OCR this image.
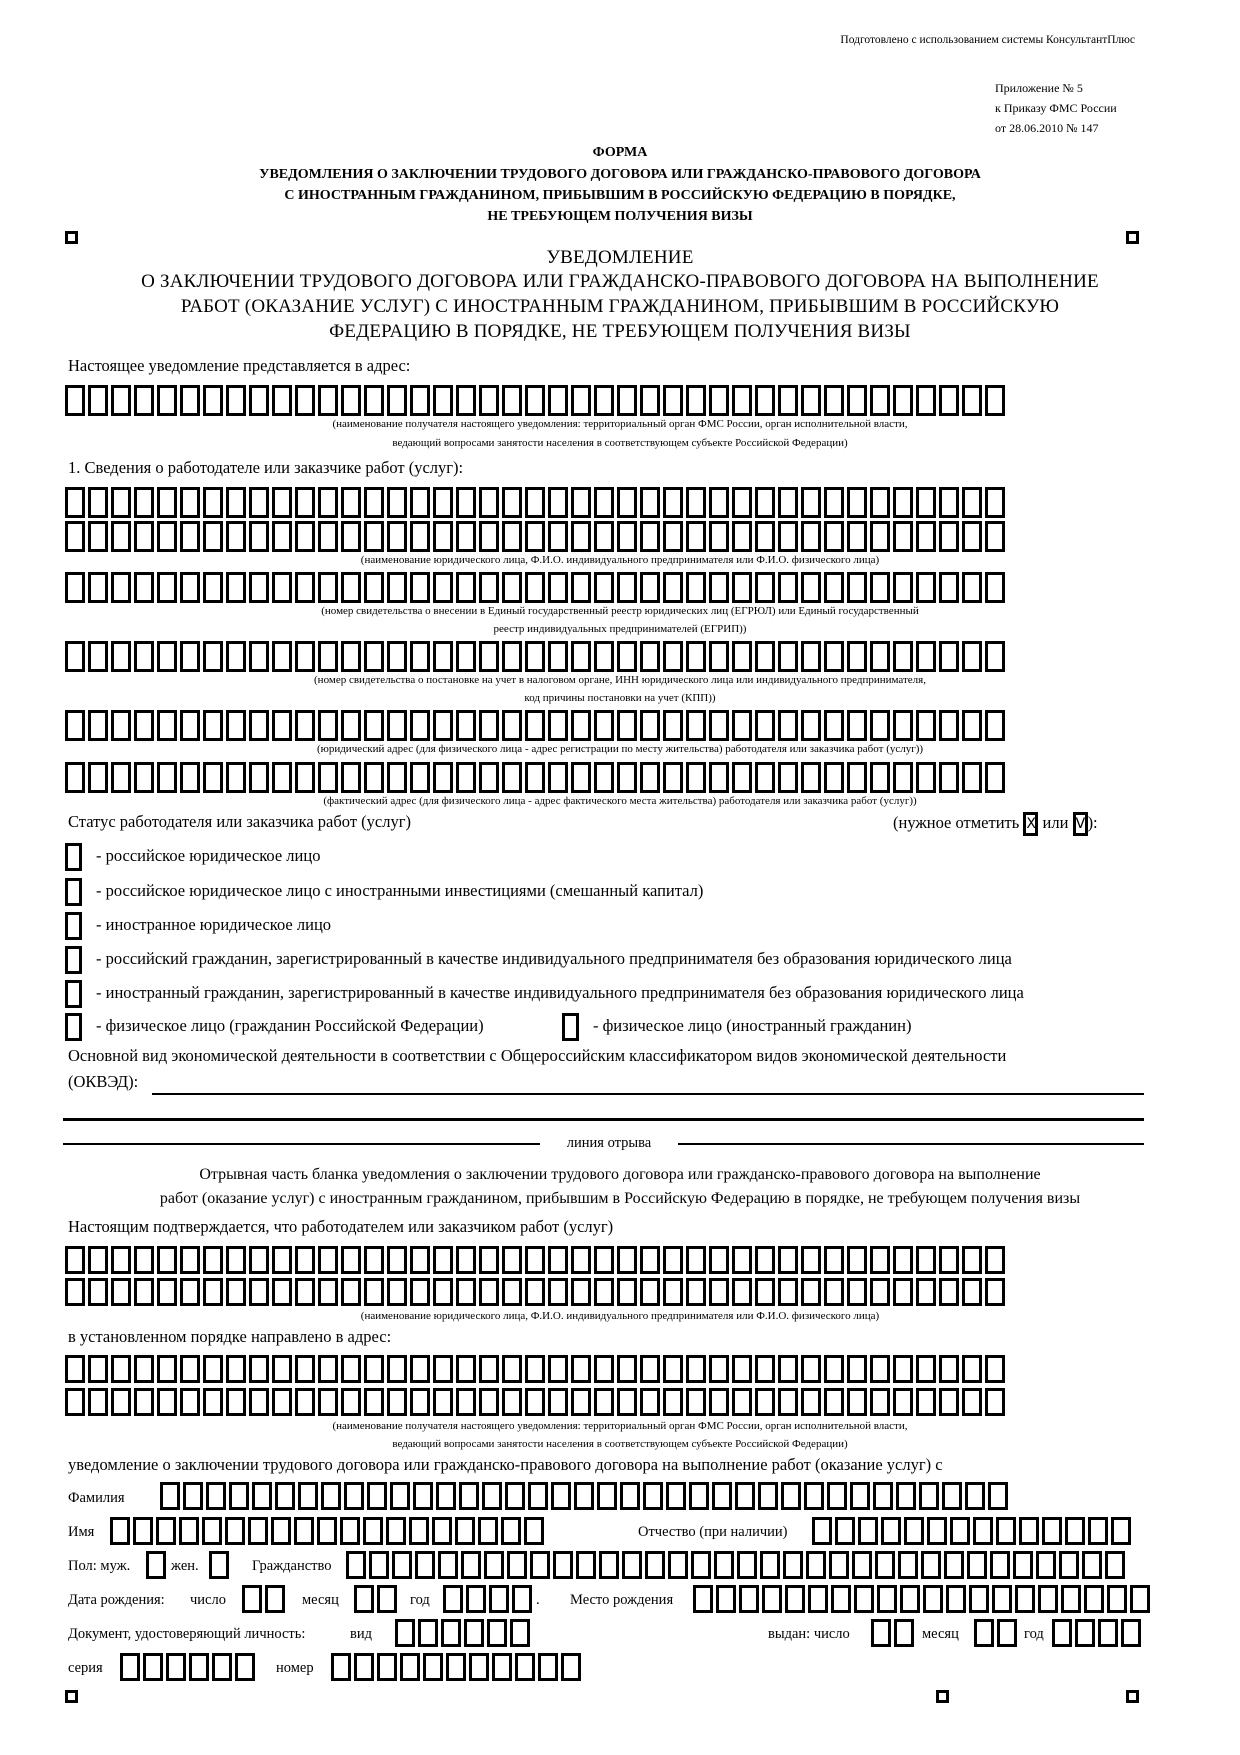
Подготовлено с использованием системы КонсультантПлюс
Приложение № 5
к Приказу ФМС России
от 28.06.2010 № 147
ФОРМА
УВЕДОМЛЕНИЯ О ЗАКЛЮЧЕНИИ ТРУДОВОГО ДОГОВОРА ИЛИ ГРАЖДАНСКО-ПРАВОВОГО ДОГОВОРА
С ИНОСТРАННЫМ ГРАЖДАНИНОМ, ПРИБЫВШИМ В РОССИЙСКУЮ ФЕДЕРАЦИЮ В ПОРЯДКЕ,
НЕ ТРЕБУЮЩЕМ ПОЛУЧЕНИЯ ВИЗЫ
УВЕДОМЛЕНИЕ
О ЗАКЛЮЧЕНИИ ТРУДОВОГО ДОГОВОРА ИЛИ ГРАЖДАНСКО-ПРАВОВОГО ДОГОВОРА НА ВЫПОЛНЕНИЕ
РАБОТ (ОКАЗАНИЕ УСЛУГ) С ИНОСТРАННЫМ ГРАЖДАНИНОМ, ПРИБЫВШИМ В РОССИЙСКУЮ
ФЕДЕРАЦИЮ В ПОРЯДКЕ, НЕ ТРЕБУЮЩЕМ ПОЛУЧЕНИЯ ВИЗЫ
Настоящее уведомление представляется в адрес:
(наименование получателя настоящего уведомления: территориальный орган ФМС России, орган исполнительной власти,
ведающий вопросами занятости населения в соответствующем субъекте Российской Федерации)
1. Сведения о работодателе или заказчике работ (услуг):
(наименование юридического лица, Ф.И.О. индивидуального предпринимателя или Ф.И.О. физического лица)
(номер свидетельства о внесении в Единый государственный реестр юридических лиц (ЕГРЮЛ) или Единый государственный
реестр индивидуальных предпринимателей (ЕГРИП))
(номер свидетельства о постановке на учет в налоговом органе, ИНН юридического лица или индивидуального предпринимателя,
код причины постановки на учет (КПП))
(юридический адрес (для физического лица - адрес регистрации по месту жительства) работодателя или заказчика работ (услуг))
(фактический адрес (для физического лица - адрес фактического места жительства) работодателя или заказчика работ (услуг))
Статус работодателя или заказчика работ (услуг)	(нужное отметить X или V ):
- российское юридическое лицо
- российское юридическое лицо с иностранными инвестициями (смешанный капитал)
- иностранное юридическое лицо
- российский гражданин, зарегистрированный в качестве индивидуального предпринимателя без образования юридического лица
- иностранный гражданин, зарегистрированный в качестве индивидуального предпринимателя без образования юридического лица
- физическое лицо (гражданин Российской Федерации)	- физическое лицо (иностранный гражданин)
Основной вид экономической деятельности в соответствии с Общероссийским классификатором видов экономической деятельности
(ОКВЭД):
линия отрыва
Отрывная часть бланка уведомления о заключении трудового договора или гражданско-правового договора на выполнение
работ (оказание услуг) с иностранным гражданином, прибывшим в Российскую Федерацию в порядке, не требующем получения визы
Настоящим подтверждается, что работодателем или заказчиком работ (услуг)
(наименование юридического лица, Ф.И.О. индивидуального предпринимателя или Ф.И.О. физического лица)
в установленном порядке направлено в адрес:
(наименование получателя настоящего уведомления: территориальный орган ФМС России, орган исполнительной власти,
ведающий вопросами занятости населения в соответствующем субъекте Российской Федерации)
уведомление о заключении трудового договора или гражданско-правового договора на выполнение работ (оказание услуг) с
Фамилия
Имя	Отчество (при наличии)
Пол: муж.	жен.	Гражданство
Дата рождения: число	месяц	год	. Место рождения
Документ, удостоверяющий личность:	вид	выдан: число	месяц	год
серия	номер
